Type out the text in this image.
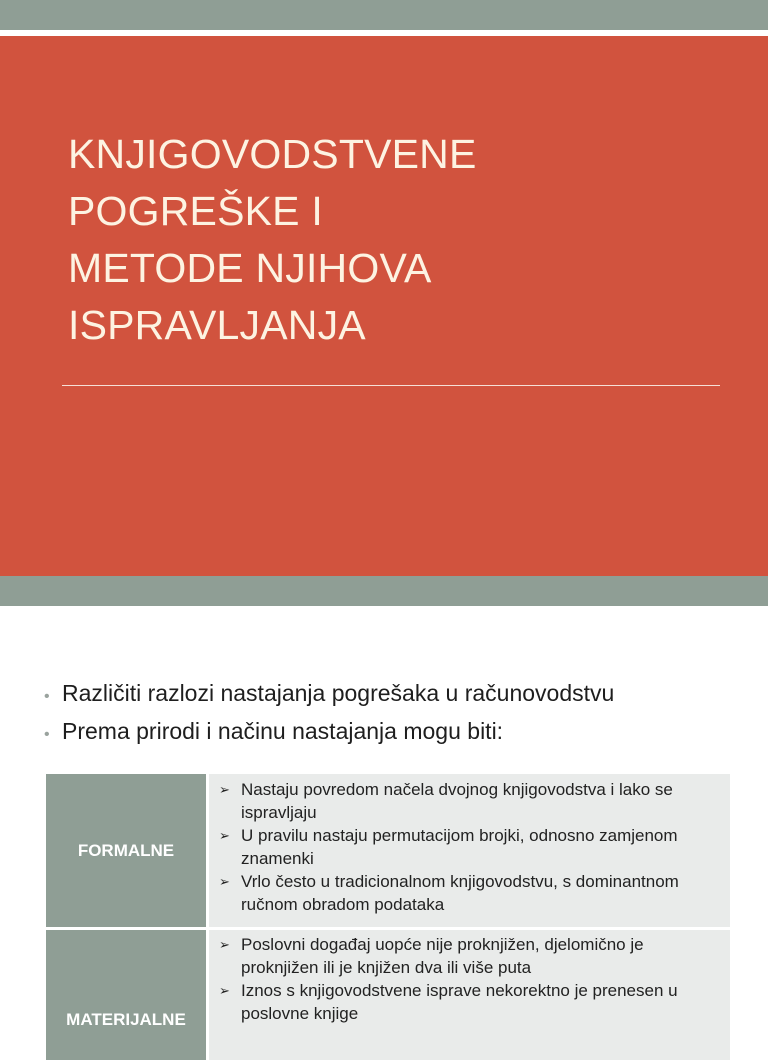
KNJIGOVODSTVENE
POGREŠKE I
METODE NJIHOVA
ISPRAVLJANJA
• Različiti razlozi nastajanja pogrešaka u računovodstvu
• Prema prirodi i načinu nastajanja mogu biti:
FORMALNE
➢ Nastaju povredom načela dvojnog knjigovodstva i lako se ispravljaju
➢ U pravilu nastaju permutacijom brojki, odnosno zamjenom znamenki
➢ Vrlo često u tradicionalnom knjigovodstvu, s dominantnom ručnom obradom podataka
MATERIJALNE
➢ Poslovni događaj uopće nije proknjižen, djelomično je proknjižen ili je knjižen dva ili više puta
➢ Iznos s knjigovodstvene isprave nekorektno je prenesen u poslovne knjige
